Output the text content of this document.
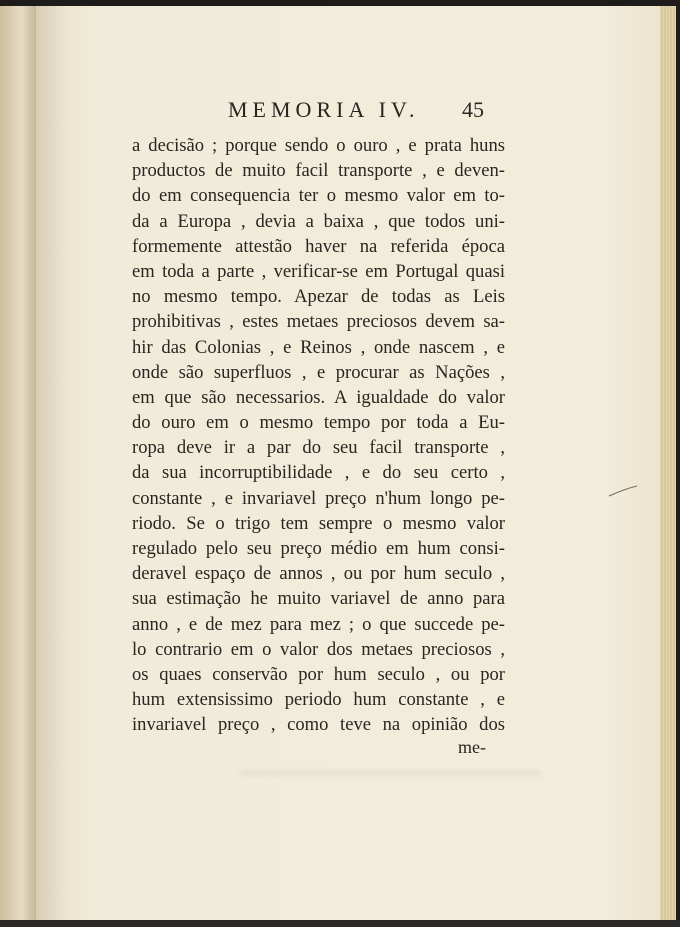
MEMORIA IV. 45
a decisão ; porque sendo o ouro , e prata huns
productos de muito facil transporte , e deven-
do em consequencia ter o mesmo valor em to-
da a Europa , devia a baixa , que todos uni-
formemente attestão haver na referida época
em toda a parte , verificar-se em Portugal quasi
no mesmo tempo. Apezar de todas as Leis
prohibitivas , estes metaes preciosos devem sa-
hir das Colonias , e Reinos , onde nascem , e
onde são superfluos , e procurar as Nações ,
em que são necessarios. A igualdade do valor
do ouro em o mesmo tempo por toda a Eu-
ropa deve ir a par do seu facil transporte ,
da sua incorruptibilidade , e do seu certo ,
constante , e invariavel preço n'hum longo pe-
riodo. Se o trigo tem sempre o mesmo valor
regulado pelo seu preço médio em hum consi-
deravel espaço de annos , ou por hum seculo ,
sua estimação he muito variavel de anno para
anno , e de mez para mez ; o que succede pe-
lo contrario em o valor dos metaes preciosos ,
os quaes conservão por hum seculo , ou por
hum extensissimo periodo hum constante , e
invariavel preço , como teve na opinião dos
me-
